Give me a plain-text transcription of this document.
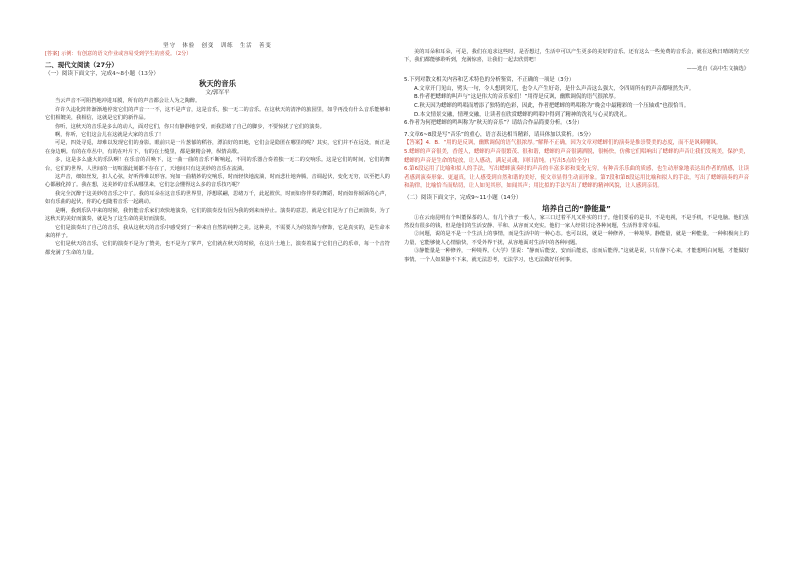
坚守　体验　创变　训练　生活　善变

[答案] 示例：有创意的语文作业或容易受到学生的喜爱。（2分）

二、现代文阅读（27分）

（一）阅读下面文字，完成4~8小题（13分）

秋天的音乐

文/郭军平

当云声音不可阻挡地冲进耳膜，所有的声音都会让人为之陶醉。

许许久违化阵阵渐渐地停宽它们的声音一一不，这不是声音，这是音乐，独一无二的音乐。在这秋天的清净的旅园里，如乎再没有什么音乐能够和它们相媲美，我相信，这就是它们的新作品。

你听，这秋天的音乐是多么的动人，面对它们，你只有静静地享受，而我思绪了自己的脚步，不要惊扰了它们的演奏。

啊，你听，它们这会儿在这就是大家的音乐了！

可是，四处寻觅，却难以发现它们的身影。眼前只是一片葱郁的稻谷，漂泊好的田地，它们会是隐匿在哪里的呢？其实，它们并不在远处，而正是在身边啊。有的在草丛中，有的在叶片下，有的在土缝里，都是聚精会神，纵情高歌。

多，这是多么盛大的乐队啊！在乐音的召唤下，这一曲一曲的音乐不断响起，不同的乐器合奏着独一无二的交响乐。这是它们的时间，它们的舞台，它们的世界。人世间的一切喧嚣此刻都不存在了，天地间只有这美妙的音乐在流淌。

这声音，细如丝发，扣人心弦，好听得难以形容。宛如一曲精妙的交响乐，时而轻快地流淌，时而悲壮地奔腾，音调起伏，变化无穷，以至把人的心都融化掉了。我在想，这美妙的音乐从哪里来，它们怎会懂得这么多的音乐技巧呢？

我完全沉醉于这美妙的音乐之中了。我的耳朵在这音乐的世界里，浮想联翩，思绪万千，此起彼伏，时而如你伴奏的舞蹈，时而如你倾诉的心声，如有乐曲的起伏，你的心也随着音乐一起跳动。

是啊，我到乐队中来的时候，我仍能音乐家们欢快地演奏，它们的演奏没有因为我的到来而停止。演奏的意思，就是它们是为了自己而演奏，为了这秋天的美好而演奏，就是为了这生命的美好而演奏。

它们是演奏出了自己的音乐，我从这秋天的音乐中感受到了一种来自自然的纯粹之美。这种美，不需要人为的装饰与修饰，它是真实的，是生命本来的样子。

它们是秋天的音乐，它们的演奏不是为了赞美，也不是为了掌声，它们就在秋天的时候，在这片土地上，演奏着属于它们自己的乐章，每一个音符都充满了生命的力量。

美的耳朵和耳朵，可是，我们在追求这些时，是否想过，生活中可以产生更多的美好的音乐。还有这么一些免费的音乐会，就在这秋日晴朗的天空下，我们都能够聆听到，充满惊喜，让我们一起去欣赏吧！

——选自《高中生文摘选》

5.下列对散文相关内容和艺术特色的分析鉴赏，不正确的一项是（3分）

A.文章开门见山，劈头一句，令人想到突兀，也令人产生好奇，是什么声音这么强大，令四周所有的声音都哑然失声。

B.作者把蟋蟀的叫声与“这是伟大的音乐家们！”用得是反讽，幽默调侃的语气很浓厚。

C.秋天因为蟋蟀的鸣唱而增添了独特的色彩，因此，作者把蟋蟀的鸣唱称为“晚会中最精彩的一个压轴戏”也很恰当。

D.本文情景交融，情理交融，让读者在欣赏蟋蟀的鸣唱中得到了精神的洗礼与心灵的洗礼。

6.作者为何把蟋蟀的鸣叫称为“秋天的音乐”？请结合作品简要分析。（5分）

7.文章6~8段是写“音乐”的重心，语言表达相当精彩，请具体加以赏析。（5分）

【答案】4．B．“用的是反讽，幽默调侃的语气很浓厚。”解释不正确，因为文章对蟋蟀们的演奏是推崇赞美的态度，而不是讽刺嘲讽。

5.蟋蟀的声音很美，香莲人，蟋蟀的声音很繁茂、很和谐，蟋蟀的声音很满洒脱，很畅快，仿佛它们唱响出了蟋蟀的声音让我们发现美，保护美，蟋蟀的声音是生命的绽放，让人感动，满足灵魂，回归清纯。(写出5点给全分)

6.第6段运用了比喻和拟人的手法，写出蟋蟀演奏时的声音的丰富多彩和变化无穷，有种音乐乐曲的质感，也生动形象地表达出作者的情感，让读者感到演奏形象、更逼真，让人感受到自然和谐的美好，使文章显得生动而形象。第7段和第8段运用比喻和拟人的手法，写出了蟋蟀演奏的声音和韵律，比喻恰当而贴切，让人如见其形，如闻其声；用比拟的手法写出了蟋蟀的精神风貌，让人感到亲切。

（二）阅读下面文字，完成9~11小题（14分）

培养自己的“静能量”

①在云南昆明有个叫董保茶的人，有几个孩子一般人，家三口过着平凡又朴实的日子。他们要看的是书，不是电视，不是手机，不是电脑。他们虽然没有很多的钱，但是他们的生活安静、平和、从容而又充实。他们一家人经常讨论各种问题，生活得非常幸福。

②问题，说的是不是一个生活上的事情，而是生活中的一种心态。也可以说，就是一种修养，一种境界。静能量，就是一种能量，一种积极向上的力量，它能够使人心情愉快，不受外界干扰，从容地面对生活中的各种问题。

③静能量是一种修养，一种境界。《大学》里说：“静而后能安，安而后能虑，虑而后能得。”这就是说，只有静下心来，才能想明白问题，才能做好事情。一个人如果静不下来，就无法思考，无法学习，也无法做好任何事。
